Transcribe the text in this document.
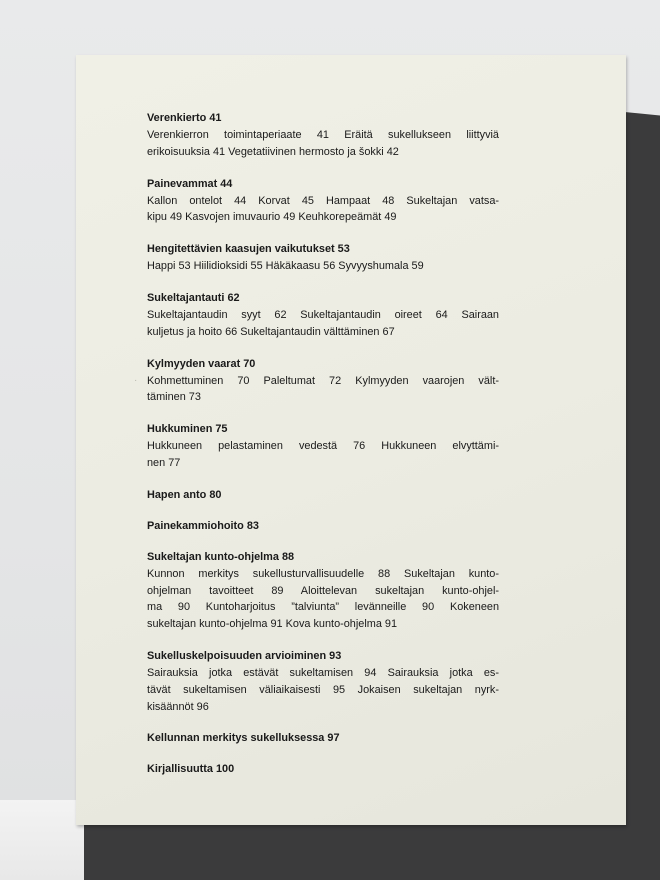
·
Verenkierto 41
Verenkierron toimintaperiaate 41 Eräitä sukellukseen liittyviä
erikoisuuksia 41 Vegetatiivinen hermosto ja šokki 42
Painevammat 44
Kallon ontelot 44 Korvat 45 Hampaat 48 Sukeltajan vatsa-
kipu 49 Kasvojen imuvaurio 49 Keuhkorepeämät 49
Hengitettävien kaasujen vaikutukset 53
Happi 53 Hiilidioksidi 55 Häkäkaasu 56 Syvyyshumala 59
Sukeltajantauti 62
Sukeltajantaudin syyt 62 Sukeltajantaudin oireet 64 Sairaan
kuljetus ja hoito 66 Sukeltajantaudin välttäminen 67
Kylmyyden vaarat 70
Kohmettuminen 70 Paleltumat 72 Kylmyyden vaarojen vält-
täminen 73
Hukkuminen 75
Hukkuneen pelastaminen vedestä 76 Hukkuneen elvyttämi-
nen 77
Hapen anto 80
Painekammiohoito 83
Sukeltajan kunto-ohjelma 88
Kunnon merkitys sukellusturvallisuudelle 88 Sukeltajan kunto-
ohjelman tavoitteet 89 Aloittelevan sukeltajan kunto-ohjel-
ma 90 Kuntoharjoitus ”talviunta” levänneille 90 Kokeneen
sukeltajan kunto-ohjelma 91 Kova kunto-ohjelma 91
Sukelluskelpoisuuden arvioiminen 93
Sairauksia jotka estävät sukeltamisen 94 Sairauksia jotka es-
tävät sukeltamisen väliaikaisesti 95 Jokaisen sukeltajan nyrk-
kisäännöt 96
Kellunnan merkitys sukelluksessa 97
Kirjallisuutta 100
